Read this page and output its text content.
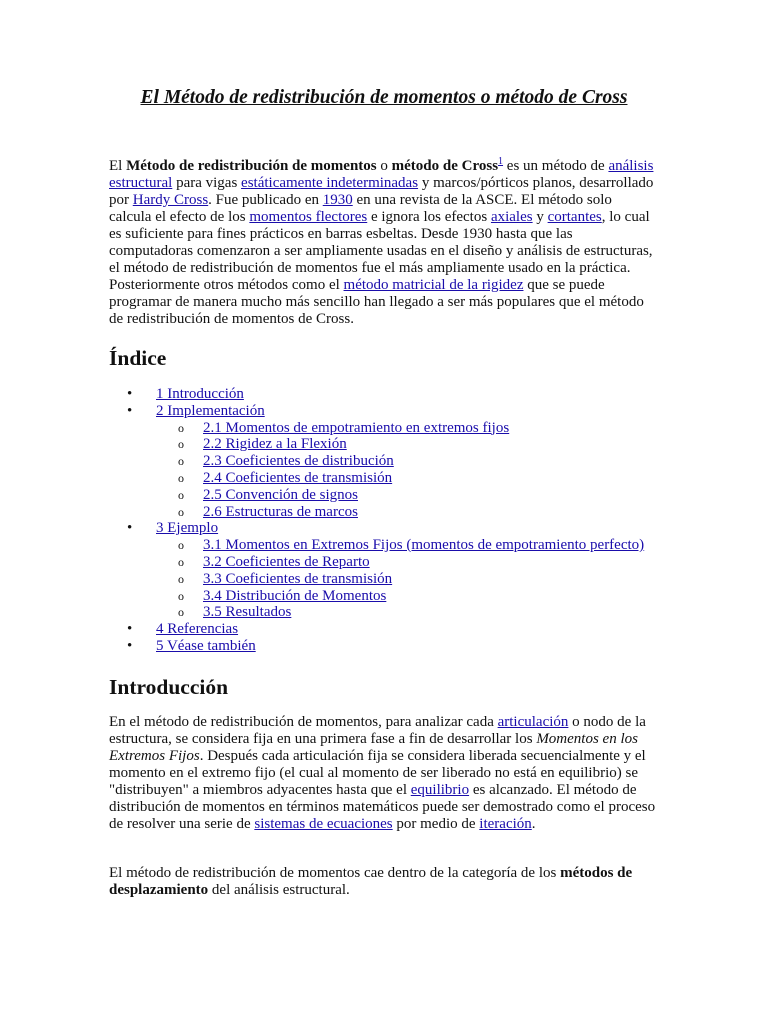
El Método de redistribución de momentos o método de Cross

El Método de redistribución de momentos o método de Cross$^1$ es un método de análisis estructural para vigas estáticamente indeterminadas y marcos/pórticos planos, desarrollado por Hardy Cross. Fue publicado en 1930 en una revista de la ASCE. El método solo calcula el efecto de los momentos flectores e ignora los efectos axiales y cortantes, lo cual es suficiente para fines prácticos en barras esbeltas. Desde 1930 hasta que las computadoras comenzaron a ser ampliamente usadas en el diseño y análisis de estructuras, el método de redistribución de momentos fue el más ampliamente usado en la práctica. Posteriormente otros métodos como el método matricial de la rigidez que se puede programar de manera mucho más sencillo han llegado a ser más populares que el método de redistribución de momentos de Cross.

Índice
• 1 Introducción
• 2 Implementación
o 2.1 Momentos de empotramiento en extremos fijos
o 2.2 Rigidez a la Flexión
o 2.3 Coeficientes de distribución
o 2.4 Coeficientes de transmisión
o 2.5 Convención de signos
o 2.6 Estructuras de marcos
• 3 Ejemplo
o 3.1 Momentos en Extremos Fijos (momentos de empotramiento perfecto)
o 3.2 Coeficientes de Reparto
o 3.3 Coeficientes de transmisión
o 3.4 Distribución de Momentos
o 3.5 Resultados
• 4 Referencias
• 5 Véase también
Introducción

En el método de redistribución de momentos, para analizar cada articulación o nodo de la estructura, se considera fija en una primera fase a fin de desarrollar los Momentos en los Extremos Fijos. Después cada articulación fija se considera liberada secuencialmente y el momento en el extremo fijo (el cual al momento de ser liberado no está en equilibrio) se "distribuyen" a miembros adyacentes hasta que el equilibrio es alcanzado. El método de distribución de momentos en términos matemáticos puede ser demostrado como el proceso de resolver una serie de sistemas de ecuaciones por medio de iteración.

El método de redistribución de momentos cae dentro de la categoría de los métodos de desplazamiento del análisis estructural.
